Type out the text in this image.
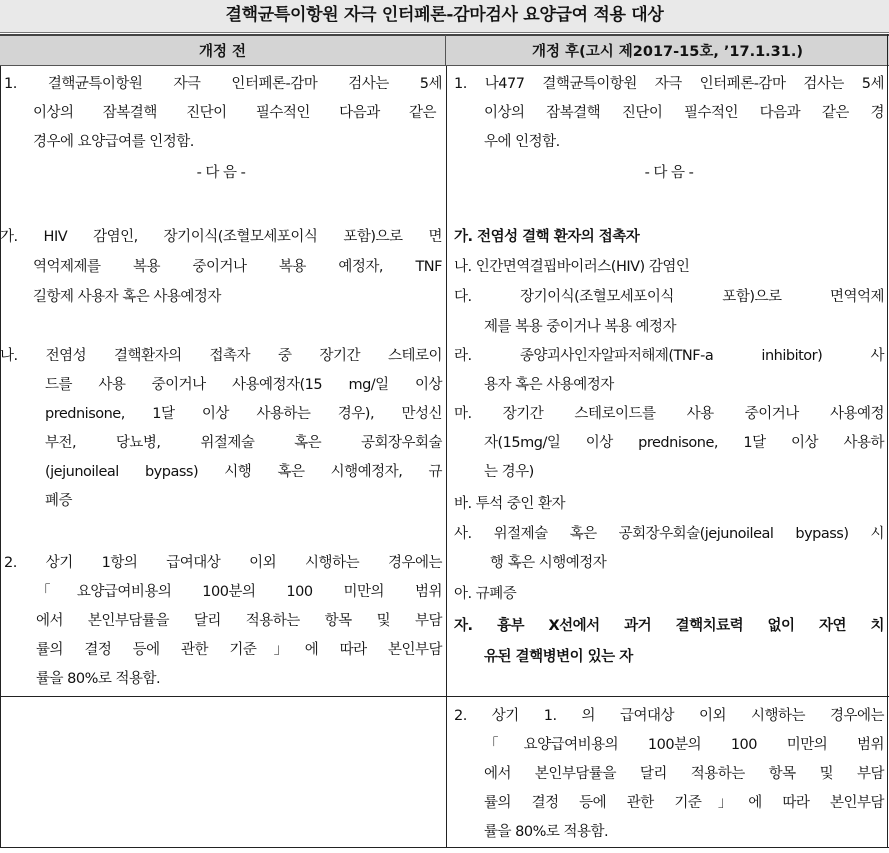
결핵균특이항원 자극 인터페론-감마검사 요양급여 적용 대상
개정 전	개정 후(고시 제2017-15호, ’17.1.31.)
1. 결핵균특이항원 자극 인터페론-감마 검사는 5세
이상의 잠복결핵 진단이 필수적인 다음과 같은
경우에 요양급여를 인정함.
- 다 음 -
가. HIV 감염인, 장기이식(조혈모세포이식 포함)으로 면
역억제제를 복용 중이거나 복용 예정자, TNF
길항제 사용자 혹은 사용예정자
나. 전염성 결핵환자의 접촉자 중 장기간 스테로이
드를 사용 중이거나 사용예정자(15 mg/일 이상
prednisone, 1달 이상 사용하는 경우), 만성신
부전, 당뇨병, 위절제술 혹은 공회장우회술
(jejunoileal bypass) 시행 혹은 시행예정자, 규
폐증
2. 상기 1항의 급여대상 이외 시행하는 경우에는
「요양급여비용의 100분의 100 미만의 범위
에서 본인부담률을 달리 적용하는 항목 및 부담
률의 결정 등에 관한 기준」에 따라 본인부담
률을 80%로 적용함.
1. 나477 결핵균특이항원 자극 인터페론-감마 검사는 5세
이상의 잠복결핵 진단이 필수적인 다음과 같은 경
우에 인정함.
- 다 음 -
가. 전염성 결핵 환자의 접촉자
나. 인간면역결핍바이러스(HIV) 감염인
다. 장기이식(조혈모세포이식 포함)으로 면역억제
제를 복용 중이거나 복용 예정자
라. 종양괴사인자알파저해제(TNF-a inhibitor) 사
용자 혹은 사용예정자
마. 장기간 스테로이드를 사용 중이거나 사용예정
자(15mg/일 이상 prednisone, 1달 이상 사용하
는 경우)
바. 투석 중인 환자
사. 위절제술 혹은 공회장우회술(jejunoileal bypass) 시
행 혹은 시행예정자
아. 규폐증
자. 흉부 X선에서 과거 결핵치료력 없이 자연 치
유된 결핵병변이 있는 자
2. 상기 1. 의 급여대상 이외 시행하는 경우에는
「요양급여비용의 100분의 100 미만의 범위
에서 본인부담률을 달리 적용하는 항목 및 부담
률의 결정 등에 관한 기준」에 따라 본인부담
률을 80%로 적용함.
